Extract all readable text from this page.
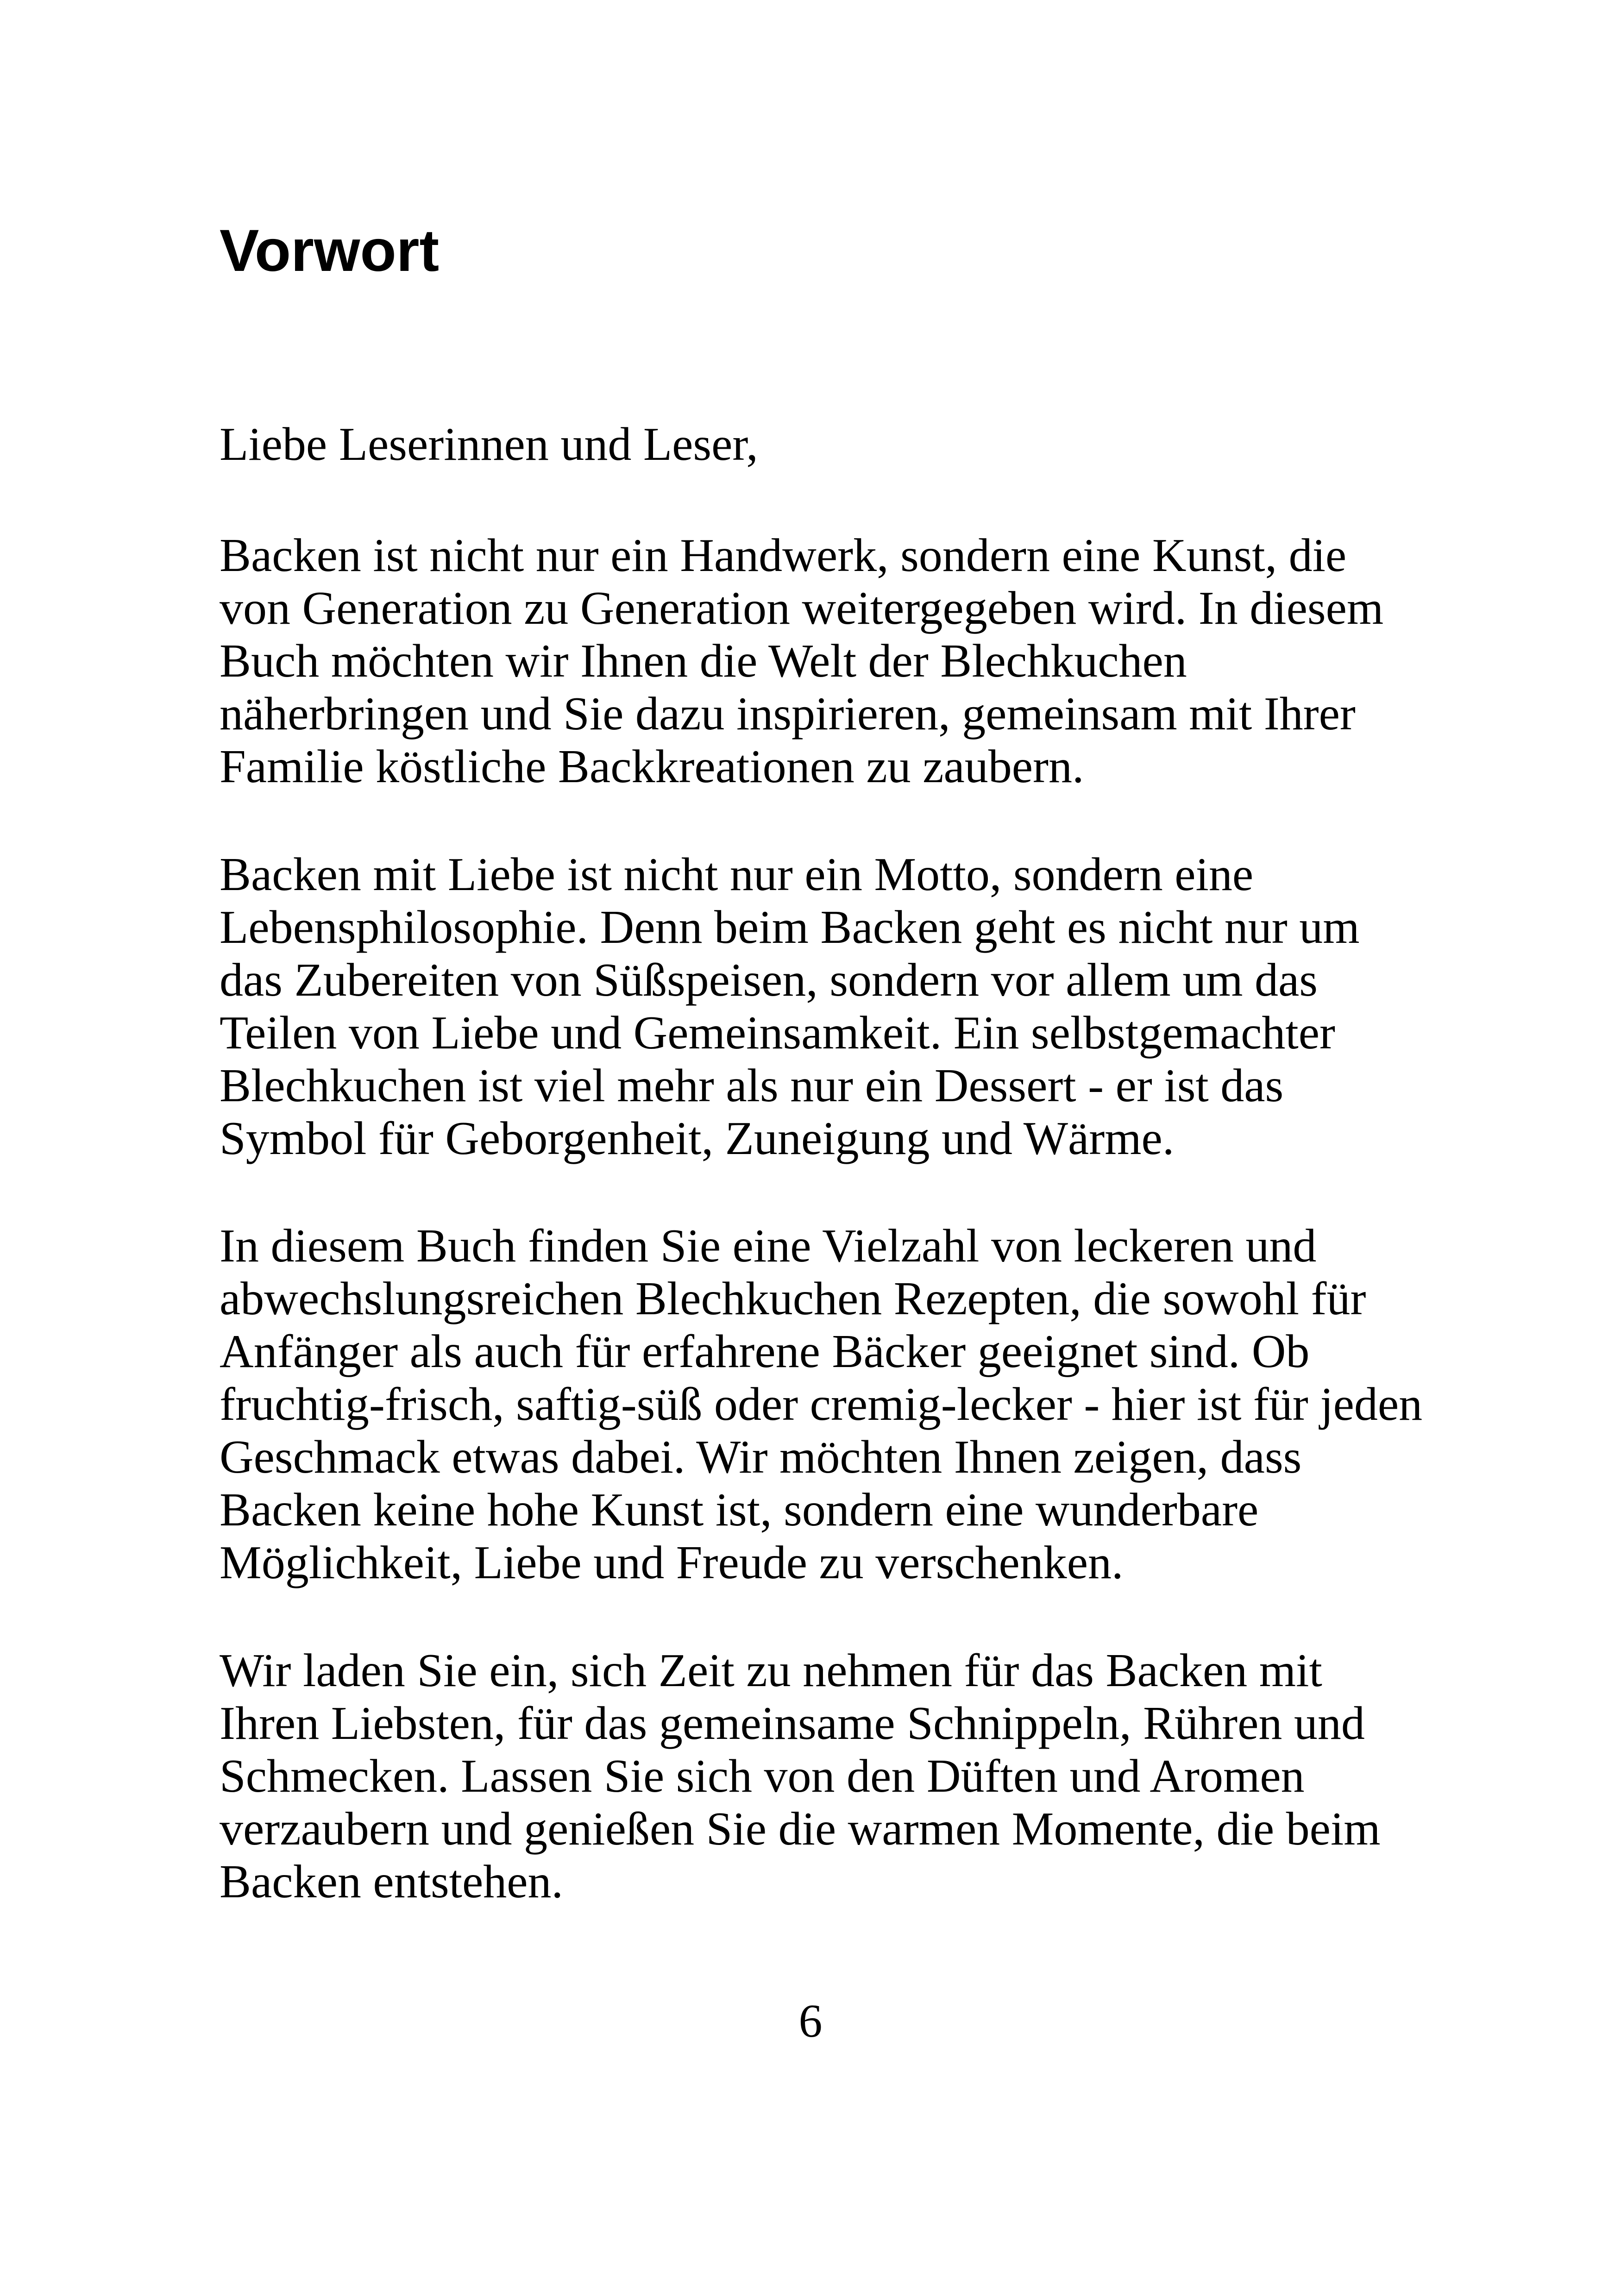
Vorwort
Liebe Leserinnen und Leser,
Backen ist nicht nur ein Handwerk, sondern eine Kunst, die
von Generation zu Generation weitergegeben wird. In diesem
Buch möchten wir Ihnen die Welt der Blechkuchen
näherbringen und Sie dazu inspirieren, gemeinsam mit Ihrer
Familie köstliche Backkreationen zu zaubern.
Backen mit Liebe ist nicht nur ein Motto, sondern eine
Lebensphilosophie. Denn beim Backen geht es nicht nur um
das Zubereiten von Süßspeisen, sondern vor allem um das
Teilen von Liebe und Gemeinsamkeit. Ein selbstgemachter
Blechkuchen ist viel mehr als nur ein Dessert - er ist das
Symbol für Geborgenheit, Zuneigung und Wärme.
In diesem Buch finden Sie eine Vielzahl von leckeren und
abwechslungsreichen Blechkuchen Rezepten, die sowohl für
Anfänger als auch für erfahrene Bäcker geeignet sind. Ob
fruchtig-frisch, saftig-süß oder cremig-lecker - hier ist für jeden
Geschmack etwas dabei. Wir möchten Ihnen zeigen, dass
Backen keine hohe Kunst ist, sondern eine wunderbare
Möglichkeit, Liebe und Freude zu verschenken.
Wir laden Sie ein, sich Zeit zu nehmen für das Backen mit
Ihren Liebsten, für das gemeinsame Schnippeln, Rühren und
Schmecken. Lassen Sie sich von den Düften und Aromen
verzaubern und genießen Sie die warmen Momente, die beim
Backen entstehen.
6
